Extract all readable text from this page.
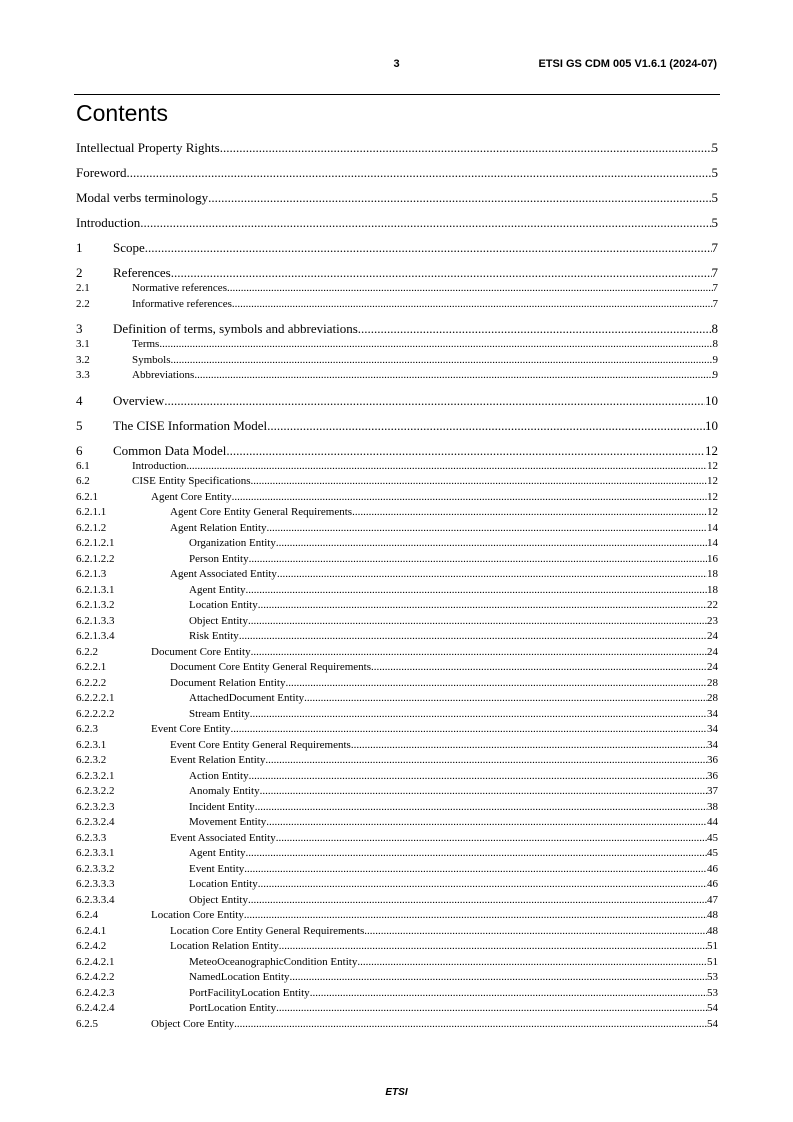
3	ETSI GS CDM 005 V1.6.1 (2024-07)
Contents
Intellectual Property Rights .....	5
Foreword .....	5
Modal verbs terminology .....	5
Introduction .....	5
1	Scope .....	7
2	References .....	7
2.1	Normative references .....	7
2.2	Informative references .....	7
3	Definition of terms, symbols and abbreviations .....	8
3.1	Terms .....	8
3.2	Symbols .....	9
3.3	Abbreviations .....	9
4	Overview .....	10
5	The CISE Information Model .....	10
6	Common Data Model .....	12
6.1	Introduction .....	12
6.2	CISE Entity Specifications .....	12
6.2.1	Agent Core Entity .....	12
6.2.1.1	Agent Core Entity General Requirements .....	12
6.2.1.2	Agent Relation Entity .....	14
6.2.1.2.1	Organization Entity .....	14
6.2.1.2.2	Person Entity .....	16
6.2.1.3	Agent Associated Entity .....	18
6.2.1.3.1	Agent Entity .....	18
6.2.1.3.2	Location Entity .....	22
6.2.1.3.3	Object Entity .....	23
6.2.1.3.4	Risk Entity .....	24
6.2.2	Document Core Entity .....	24
6.2.2.1	Document Core Entity General Requirements .....	24
6.2.2.2	Document Relation Entity .....	28
6.2.2.2.1	AttachedDocument Entity .....	28
6.2.2.2.2	Stream Entity .....	34
6.2.3	Event Core Entity .....	34
6.2.3.1	Event Core Entity General Requirements .....	34
6.2.3.2	Event Relation Entity .....	36
6.2.3.2.1	Action Entity .....	36
6.2.3.2.2	Anomaly Entity .....	37
6.2.3.2.3	Incident Entity .....	38
6.2.3.2.4	Movement Entity .....	44
6.2.3.3	Event Associated Entity .....	45
6.2.3.3.1	Agent Entity .....	45
6.2.3.3.2	Event Entity .....	46
6.2.3.3.3	Location Entity .....	46
6.2.3.3.4	Object Entity .....	47
6.2.4	Location Core Entity .....	48
6.2.4.1	Location Core Entity General Requirements .....	48
6.2.4.2	Location Relation Entity .....	51
6.2.4.2.1	MeteoOceanographicCondition Entity .....	51
6.2.4.2.2	NamedLocation Entity .....	53
6.2.4.2.3	PortFacilityLocation Entity .....	53
6.2.4.2.4	PortLocation Entity .....	54
6.2.5	Object Core Entity .....	54
ETSI
